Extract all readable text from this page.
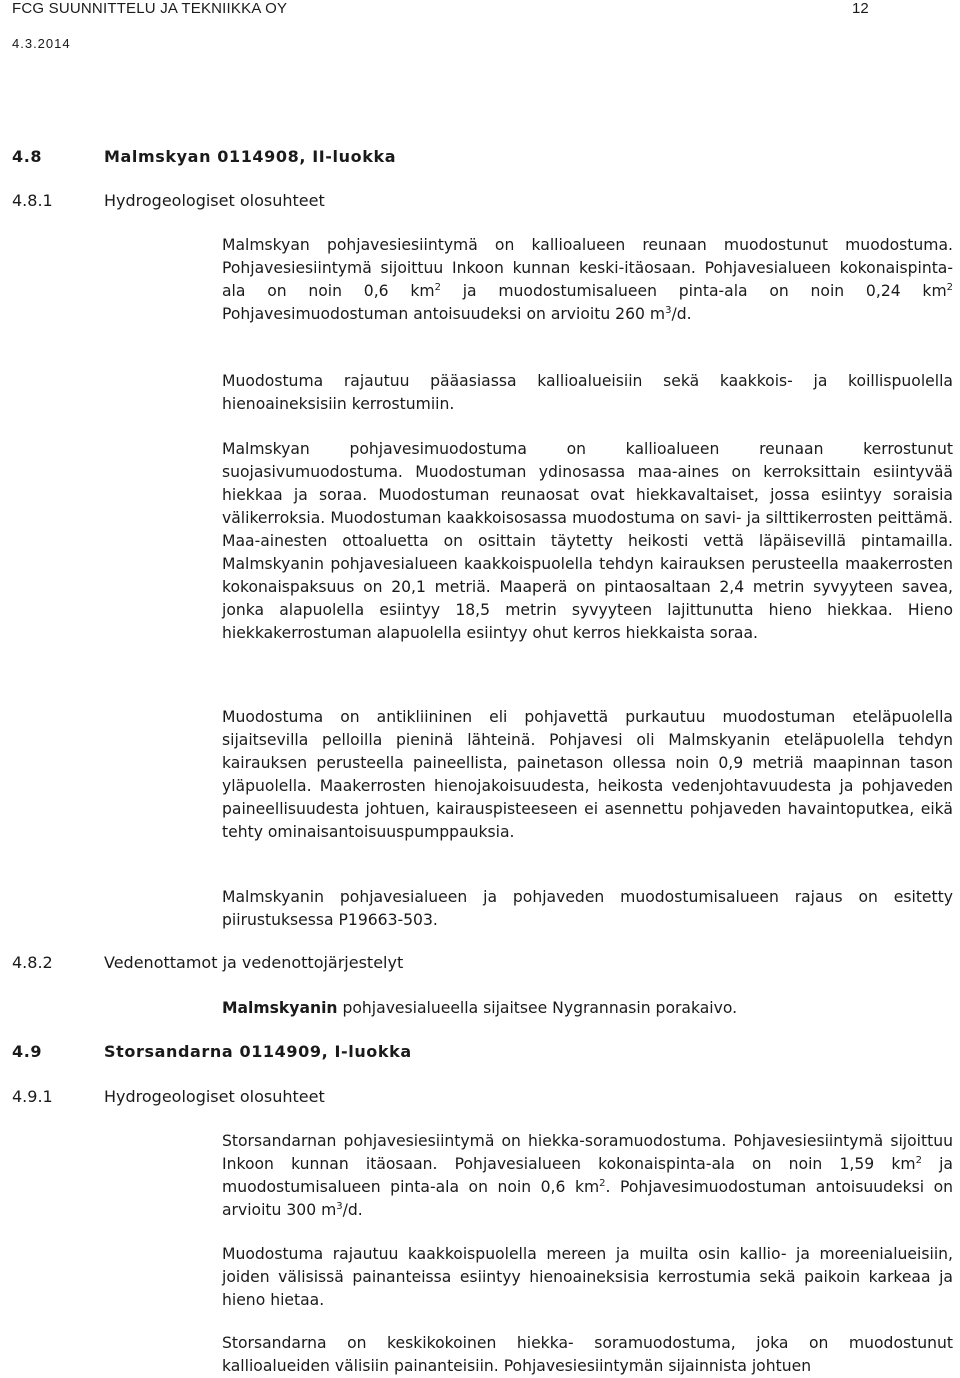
FCG SUUNNITTELU JA TEKNIIKKA OY	12
4.3.2014
4.8	Malmskyan 0114908, II-luokka
4.8.1	Hydrogeologiset olosuhteet

Malmskyan pohjavesiesiintymä on kallioalueen reunaan muodostunut muodostuma. Pohjavesiesiintymä sijoittuu Inkoon kunnan keski-itäosaan. Pohjavesialueen kokonaispinta-ala on noin 0,6 $km^2$ ja muodostumisalueen pinta-ala on noin 0,24 $km^2$ Pohjavesimuodostuman antoisuudeksi on arvioitu 260 $m^3/d$.

Muodostuma rajautuu pääasiassa kallioalueisiin sekä kaakkois- ja koillispuolella hienoaineksisiin kerrostumiin.

Malmskyan pohjavesimuodostuma on kallioalueen reunaan kerrostunut suojasivumuodostuma. Muodostuman ydinosassa maa-aines on kerroksittain esiintyvää hiekkaa ja soraa. Muodostuman reunaosat ovat hiekkavaltaiset, jossa esiintyy soraisia välikerroksia. Muodostuman kaakkoisosassa muodostuma on savi- ja silttikerrosten peittämä. Maa-ainesten ottoaluetta on osittain täytetty heikosti vettä läpäisevillä pintamailla. Malmskyanin pohjavesialueen kaakkoispuolella tehdyn kairauksen perusteella maakerrosten kokonaispaksuus on 20,1 metriä. Maaperä on pintaosaltaan 2,4 metrin syvyyteen savea, jonka alapuolella esiintyy 18,5 metrin syvyyteen lajittunutta hieno hiekkaa. Hieno hiekkakerrostuman alapuolella esiintyy ohut kerros hiekkaista soraa.

Muodostuma on antikliininen eli pohjavettä purkautuu muodostuman eteläpuolella sijaitsevilla pelloilla pieninä lähteinä. Pohjavesi oli Malmskyanin eteläpuolella tehdyn kairauksen perusteella paineellista, painetason ollessa noin 0,9 metriä maapinnan tason yläpuolella. Maakerrosten hienojakoisuudesta, heikosta vedenjohtavuudesta ja pohjaveden paineellisuudesta johtuen, kairauspisteeseen ei asennettu pohjaveden havaintoputkea, eikä tehty ominaisantoisuuspumppauksia.

Malmskyanin pohjavesialueen ja pohjaveden muodostumisalueen rajaus on esitetty piirustuksessa P19663-503.

4.8.2	Vedenottamot ja vedenottojärjestelyt

Malmskyanin pohjavesialueella sijaitsee Nygrannasin porakaivo.

4.9	Storsandarna 0114909, I-luokka
4.9.1	Hydrogeologiset olosuhteet

Storsandarnan pohjavesiesiintymä on hiekka-soramuodostuma. Pohjavesiesiintymä sijoittuu Inkoon kunnan itäosaan. Pohjavesialueen kokonaispinta-ala on noin 1,59 $km^2$ ja muodostumisalueen pinta-ala on noin 0,6 $km^2$. Pohjavesimuodostuman antoisuudeksi on arvioitu 300 $m^3/d$.

Muodostuma rajautuu kaakkoispuolella mereen ja muilta osin kallio- ja moreenialueisiin, joiden välisissä painanteissa esiintyy hienoaineksisia kerrostumia sekä paikoin karkeaa ja hieno hietaa.

Storsandarna on keskikokoinen hiekka- soramuodostuma, joka on muodostunut kallioalueiden välisiin painanteisiin. Pohjavesiesiintymän sijainnista johtuen
